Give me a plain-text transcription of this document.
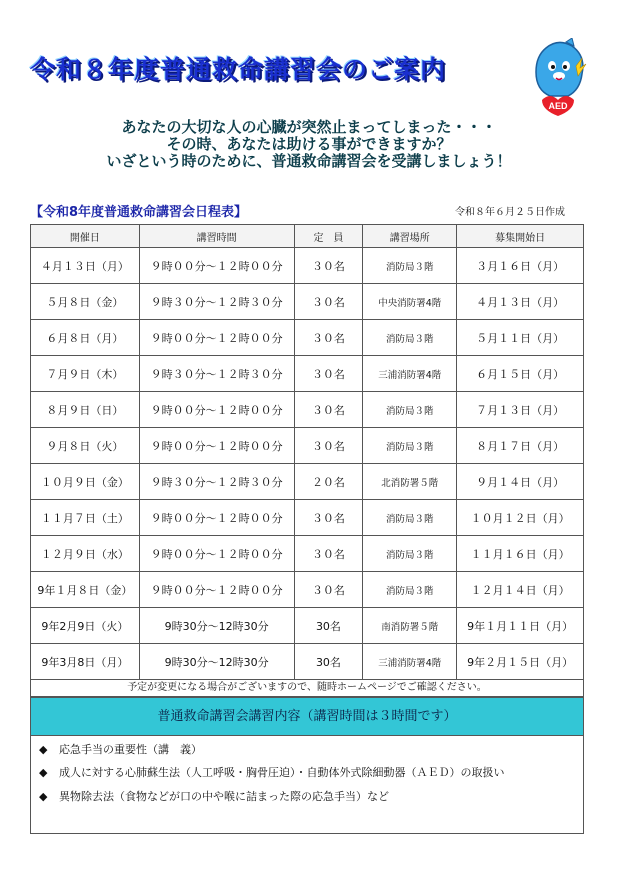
令和８年度普通救命講習会のご案内
AED
あなたの大切な人の心臓が突然止まってしまった・・・
その時、あなたは助ける事ができますか？
いざという時のために、普通救命講習会を受講しましょう！
【令和8年度普通救命講習会日程表】	令和８年６月２５日作成
開催日	講習時間	定　員	講習場所	募集開始日
４月１３日（月）	９時００分～１２時００分	３０名	消防局３階	３月１６日（月）
５月８日（金）	９時３０分～１２時３０分	３０名	中央消防署4階	４月１３日（月）
６月８日（月）	９時００分～１２時００分	３０名	消防局３階	５月１１日（月）
７月９日（木）	９時３０分～１２時３０分	３０名	三浦消防署4階	６月１５日（月）
８月９日（日）	９時００分～１２時００分	３０名	消防局３階	７月１３日（月）
９月８日（火）	９時００分～１２時００分	３０名	消防局３階	８月１７日（月）
１０月９日（金）	９時３０分～１２時３０分	２０名	北消防署５階	９月１４日（月）
１１月７日（土）	９時００分～１２時００分	３０名	消防局３階	１０月１２日（月）
１２月９日（水）	９時００分～１２時００分	３０名	消防局３階	１１月１６日（月）
9年１月８日（金）	９時００分～１２時００分	３０名	消防局３階	１２月１４日（月）
9年2月9日（火）	9時30分～12時30分	30名	南消防署５階	9年１月１１日（月）
9年3月8日（月）	9時30分～12時30分	30名	三浦消防署4階	9年２月１５日（月）
予定が変更になる場合がございますので、随時ホームページでご確認ください。
普通救命講習会講習内容（講習時間は３時間です）
◆ 応急手当の重要性（講　義）
◆ 成人に対する心肺蘇生法（人工呼吸・胸骨圧迫）・自動体外式除細動器（ＡＥＤ）の取扱い
◆ 異物除去法（食物などが口の中や喉に詰まった際の応急手当）など
